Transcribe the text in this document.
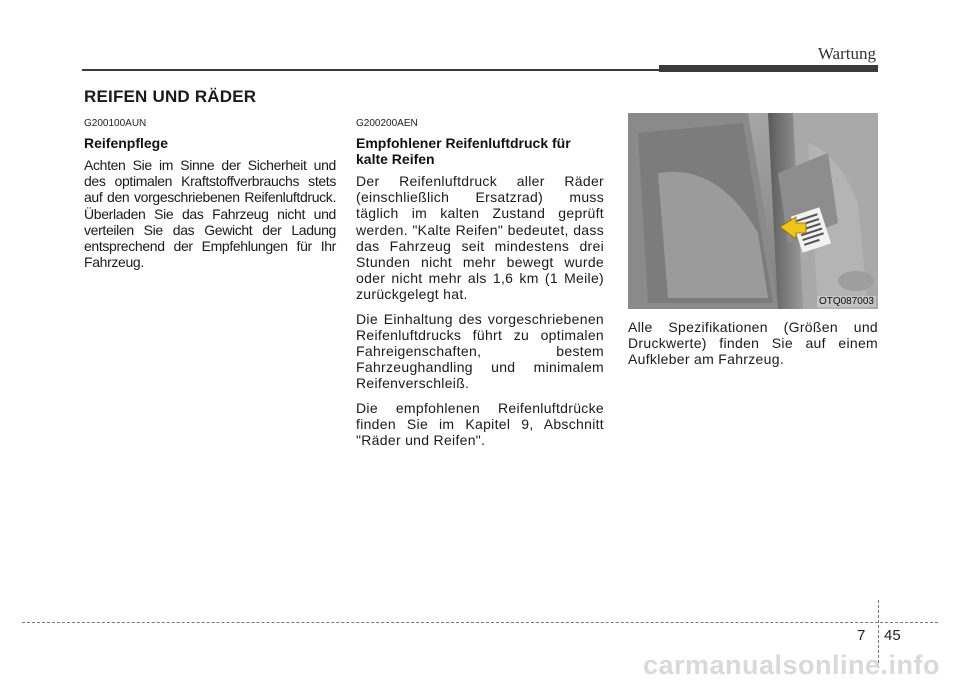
Wartung
REIFEN UND RÄDER
G200100AUN
Reifenpflege

Achten Sie im Sinne der Sicherheit und des optimalen Kraftstoffverbrauchs stets auf den vorgeschriebenen Reifenluftdruck. Überladen Sie das Fahrzeug nicht und verteilen Sie das Gewicht der Ladung entsprechend der Empfehlungen für Ihr Fahrzeug.

G200200AEN
Empfohlener Reifenluftdruck für kalte Reifen

Der Reifenluftdruck aller Räder (einschließlich Ersatzrad) muss täglich im kalten Zustand geprüft werden. "Kalte Reifen" bedeutet, dass das Fahrzeug seit mindestens drei Stunden nicht mehr bewegt wurde oder nicht mehr als 1,6 km (1 Meile) zurückgelegt hat.

Die Einhaltung des vorgeschriebenen Reifenluftdrucks führt zu optimalen Fahreigenschaften, bestem Fahrzeughandling und minimalem Reifenverschleiß.

Die empfohlenen Reifenluftdrücke finden Sie im Kapitel 9, Abschnitt "Räder und Reifen".

OTQ087003

Alle Spezifikationen (Größen und Druckwerte) finden Sie auf einem Aufkleber am Fahrzeug.

7 45
carmanualsonline.info
